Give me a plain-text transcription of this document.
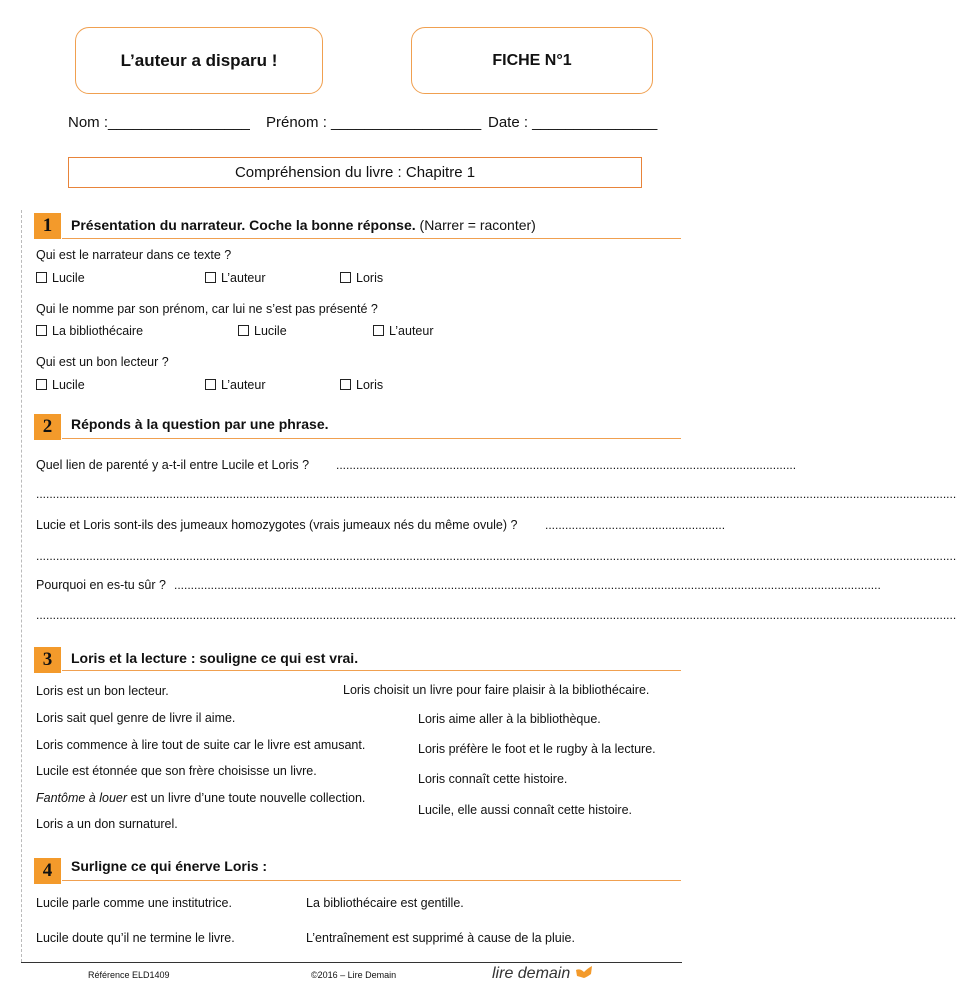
L’auteur a disparu !	FICHE N°1
Nom :_________________ Prénom : __________________ Date : _______________
Compréhension du livre : Chapitre 1
1	Présentation du narrateur. Coche la bonne réponse. (Narrer = raconter)
Qui est le narrateur dans ce texte ?
Lucile	L’auteur	Loris
Qui le nomme par son prénom, car lui ne s’est pas présenté ?
La bibliothécaire	Lucile	L’auteur
Qui est un bon lecteur ?
Lucile	L’auteur	Loris
2	Réponds à la question par une phrase.
Quel lien de parenté y a-t-il entre Lucile et Loris ? ..........................................................................................................................................
....................................................................................................................................................................................................................................................................................
Lucie et Loris sont-ils des jumeaux homozygotes (vrais jumeaux nés du même ovule) ? ......................................................
....................................................................................................................................................................................................................................................................................
Pourquoi en es-tu sûr ? ....................................................................................................................................................................................................................
....................................................................................................................................................................................................................................................................................
3	Loris et la lecture : souligne ce qui est vrai.
Loris est un bon lecteur.
Loris sait quel genre de livre il aime.
Loris commence à lire tout de suite car le livre est amusant.
Lucile est étonnée que son frère choisisse un livre.
Fantôme à louer est un livre d’une toute nouvelle collection.
Loris a un don surnaturel.
Loris choisit un livre pour faire plaisir à la bibliothécaire.
Loris aime aller à la bibliothèque.
Loris préfère le foot et le rugby à la lecture.
Loris connaît cette histoire.
Lucile, elle aussi connaît cette histoire.
4	Surligne ce qui énerve Loris :
Lucile parle comme une institutrice.
Lucile doute qu’il ne termine le livre.
La bibliothécaire est gentille.
L’entraînement est supprimé à cause de la pluie.
Référence ELD1409	©2016 – Lire Demain	lire demain
